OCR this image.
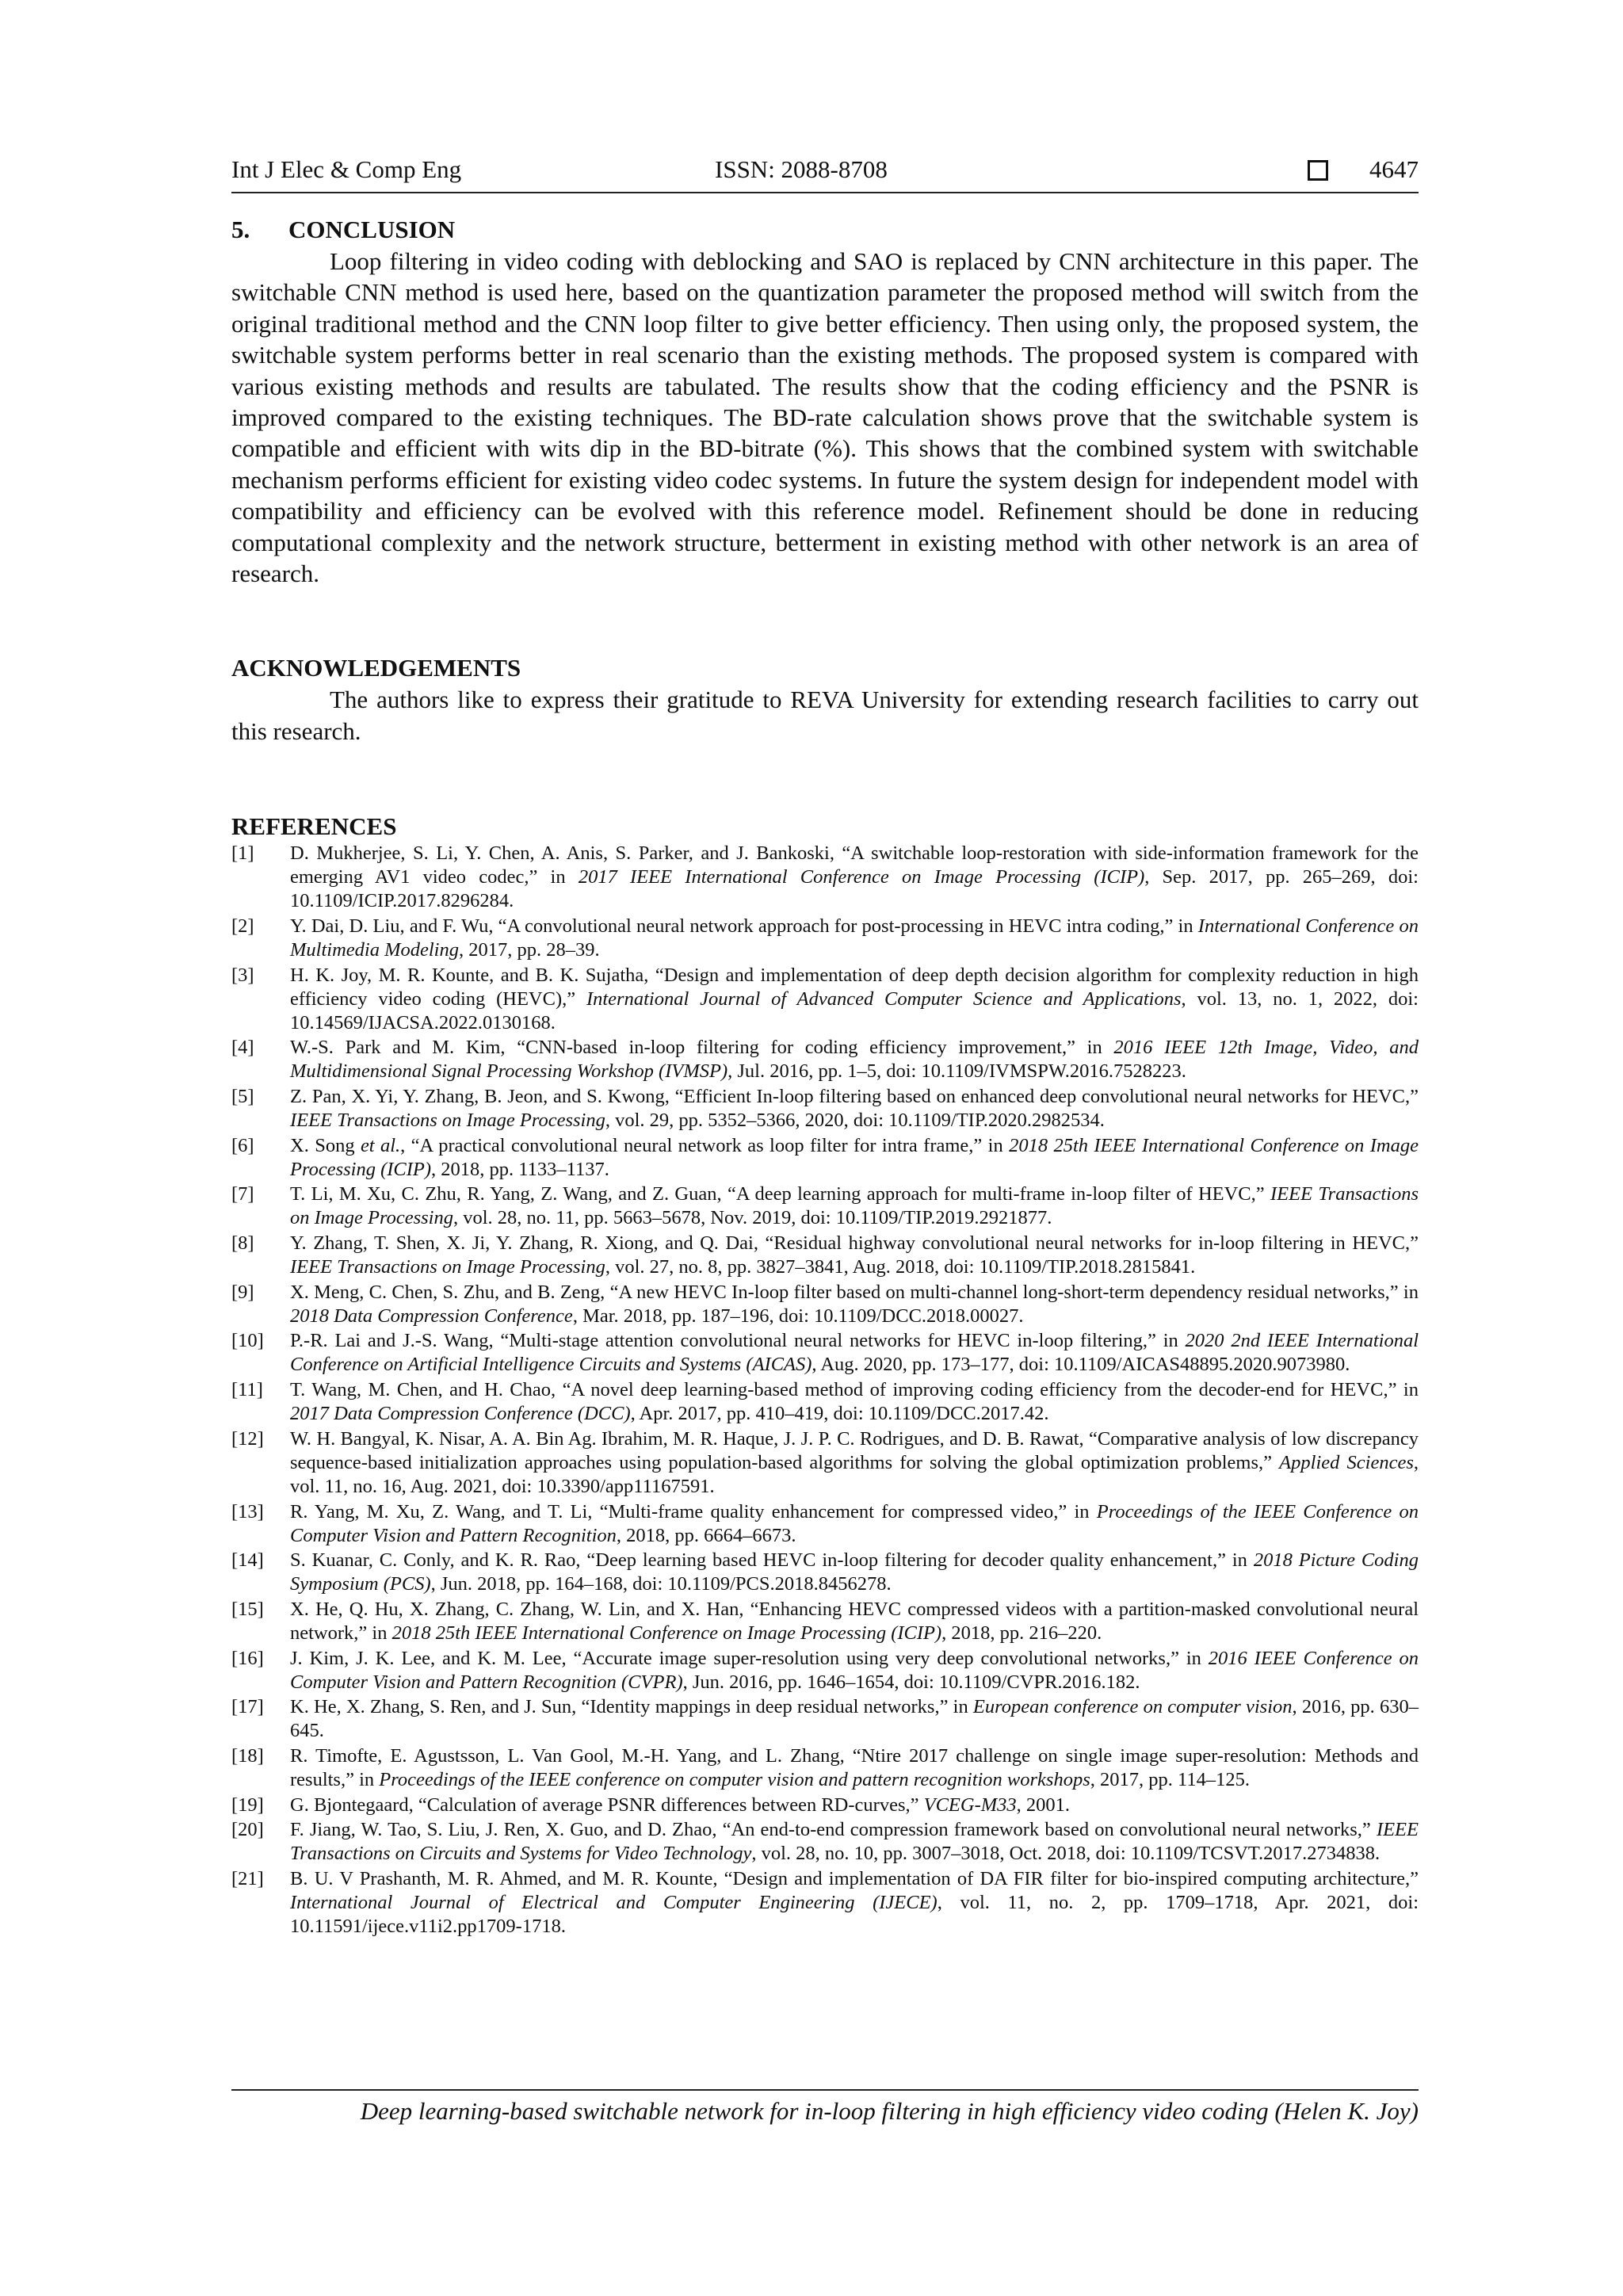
Int J Elec & Comp Eng	ISSN: 2088-8708	4647
5. CONCLUSION

Loop filtering in video coding with deblocking and SAO is replaced by CNN architecture in this paper. The switchable CNN method is used here, based on the quantization parameter the proposed method will switch from the original traditional method and the CNN loop filter to give better efficiency. Then using only, the proposed system, the switchable system performs better in real scenario than the existing methods. The proposed system is compared with various existing methods and results are tabulated. The results show that the coding efficiency and the PSNR is improved compared to the existing techniques. The BD-rate calculation shows prove that the switchable system is compatible and efficient with wits dip in the BD-bitrate (%). This shows that the combined system with switchable mechanism performs efficient for existing video codec systems. In future the system design for independent model with compatibility and efficiency can be evolved with this reference model. Refinement should be done in reducing computational complexity and the network structure, betterment in existing method with other network is an area of research.

ACKNOWLEDGEMENTS

The authors like to express their gratitude to REVA University for extending research facilities to carry out this research.

REFERENCES
[1] D. Mukherjee, S. Li, Y. Chen, A. Anis, S. Parker, and J. Bankoski, “A switchable loop-restoration with side-information framework for the emerging AV1 video codec,” in 2017 IEEE International Conference on Image Processing (ICIP), Sep. 2017, pp. 265–269, doi: 10.1109/ICIP.2017.8296284.
[2] Y. Dai, D. Liu, and F. Wu, “A convolutional neural network approach for post-processing in HEVC intra coding,” in International Conference on Multimedia Modeling, 2017, pp. 28–39.
[3] H. K. Joy, M. R. Kounte, and B. K. Sujatha, “Design and implementation of deep depth decision algorithm for complexity reduction in high efficiency video coding (HEVC),” International Journal of Advanced Computer Science and Applications, vol. 13, no. 1, 2022, doi: 10.14569/IJACSA.2022.0130168.
[4] W.-S. Park and M. Kim, “CNN-based in-loop filtering for coding efficiency improvement,” in 2016 IEEE 12th Image, Video, and Multidimensional Signal Processing Workshop (IVMSP), Jul. 2016, pp. 1–5, doi: 10.1109/IVMSPW.2016.7528223.
[5] Z. Pan, X. Yi, Y. Zhang, B. Jeon, and S. Kwong, “Efficient In-loop filtering based on enhanced deep convolutional neural networks for HEVC,” IEEE Transactions on Image Processing, vol. 29, pp. 5352–5366, 2020, doi: 10.1109/TIP.2020.2982534.
[6] X. Song et al., “A practical convolutional neural network as loop filter for intra frame,” in 2018 25th IEEE International Conference on Image Processing (ICIP), 2018, pp. 1133–1137.
[7] T. Li, M. Xu, C. Zhu, R. Yang, Z. Wang, and Z. Guan, “A deep learning approach for multi-frame in-loop filter of HEVC,” IEEE Transactions on Image Processing, vol. 28, no. 11, pp. 5663–5678, Nov. 2019, doi: 10.1109/TIP.2019.2921877.
[8] Y. Zhang, T. Shen, X. Ji, Y. Zhang, R. Xiong, and Q. Dai, “Residual highway convolutional neural networks for in-loop filtering in HEVC,” IEEE Transactions on Image Processing, vol. 27, no. 8, pp. 3827–3841, Aug. 2018, doi: 10.1109/TIP.2018.2815841.
[9] X. Meng, C. Chen, S. Zhu, and B. Zeng, “A new HEVC In-loop filter based on multi-channel long-short-term dependency residual networks,” in 2018 Data Compression Conference, Mar. 2018, pp. 187–196, doi: 10.1109/DCC.2018.00027.
[10] P.-R. Lai and J.-S. Wang, “Multi-stage attention convolutional neural networks for HEVC in-loop filtering,” in 2020 2nd IEEE International Conference on Artificial Intelligence Circuits and Systems (AICAS), Aug. 2020, pp. 173–177, doi: 10.1109/AICAS48895.2020.9073980.
[11] T. Wang, M. Chen, and H. Chao, “A novel deep learning-based method of improving coding efficiency from the decoder-end for HEVC,” in 2017 Data Compression Conference (DCC), Apr. 2017, pp. 410–419, doi: 10.1109/DCC.2017.42.
[12] W. H. Bangyal, K. Nisar, A. A. Bin Ag. Ibrahim, M. R. Haque, J. J. P. C. Rodrigues, and D. B. Rawat, “Comparative analysis of low discrepancy sequence-based initialization approaches using population-based algorithms for solving the global optimization problems,” Applied Sciences, vol. 11, no. 16, Aug. 2021, doi: 10.3390/app11167591.
[13] R. Yang, M. Xu, Z. Wang, and T. Li, “Multi-frame quality enhancement for compressed video,” in Proceedings of the IEEE Conference on Computer Vision and Pattern Recognition, 2018, pp. 6664–6673.
[14] S. Kuanar, C. Conly, and K. R. Rao, “Deep learning based HEVC in-loop filtering for decoder quality enhancement,” in 2018 Picture Coding Symposium (PCS), Jun. 2018, pp. 164–168, doi: 10.1109/PCS.2018.8456278.
[15] X. He, Q. Hu, X. Zhang, C. Zhang, W. Lin, and X. Han, “Enhancing HEVC compressed videos with a partition-masked convolutional neural network,” in 2018 25th IEEE International Conference on Image Processing (ICIP), 2018, pp. 216–220.
[16] J. Kim, J. K. Lee, and K. M. Lee, “Accurate image super-resolution using very deep convolutional networks,” in 2016 IEEE Conference on Computer Vision and Pattern Recognition (CVPR), Jun. 2016, pp. 1646–1654, doi: 10.1109/CVPR.2016.182.
[17] K. He, X. Zhang, S. Ren, and J. Sun, “Identity mappings in deep residual networks,” in European conference on computer vision, 2016, pp. 630–645.
[18] R. Timofte, E. Agustsson, L. Van Gool, M.-H. Yang, and L. Zhang, “Ntire 2017 challenge on single image super-resolution: Methods and results,” in Proceedings of the IEEE conference on computer vision and pattern recognition workshops, 2017, pp. 114–125.
[19] G. Bjontegaard, “Calculation of average PSNR differences between RD-curves,” VCEG-M33, 2001.
[20] F. Jiang, W. Tao, S. Liu, J. Ren, X. Guo, and D. Zhao, “An end-to-end compression framework based on convolutional neural networks,” IEEE Transactions on Circuits and Systems for Video Technology, vol. 28, no. 10, pp. 3007–3018, Oct. 2018, doi: 10.1109/TCSVT.2017.2734838.
[21] B. U. V Prashanth, M. R. Ahmed, and M. R. Kounte, “Design and implementation of DA FIR filter for bio-inspired computing architecture,” International Journal of Electrical and Computer Engineering (IJECE), vol. 11, no. 2, pp. 1709–1718, Apr. 2021, doi: 10.11591/ijece.v11i2.pp1709-1718.
Deep learning-based switchable network for in-loop filtering in high efficiency video coding (Helen K. Joy)
